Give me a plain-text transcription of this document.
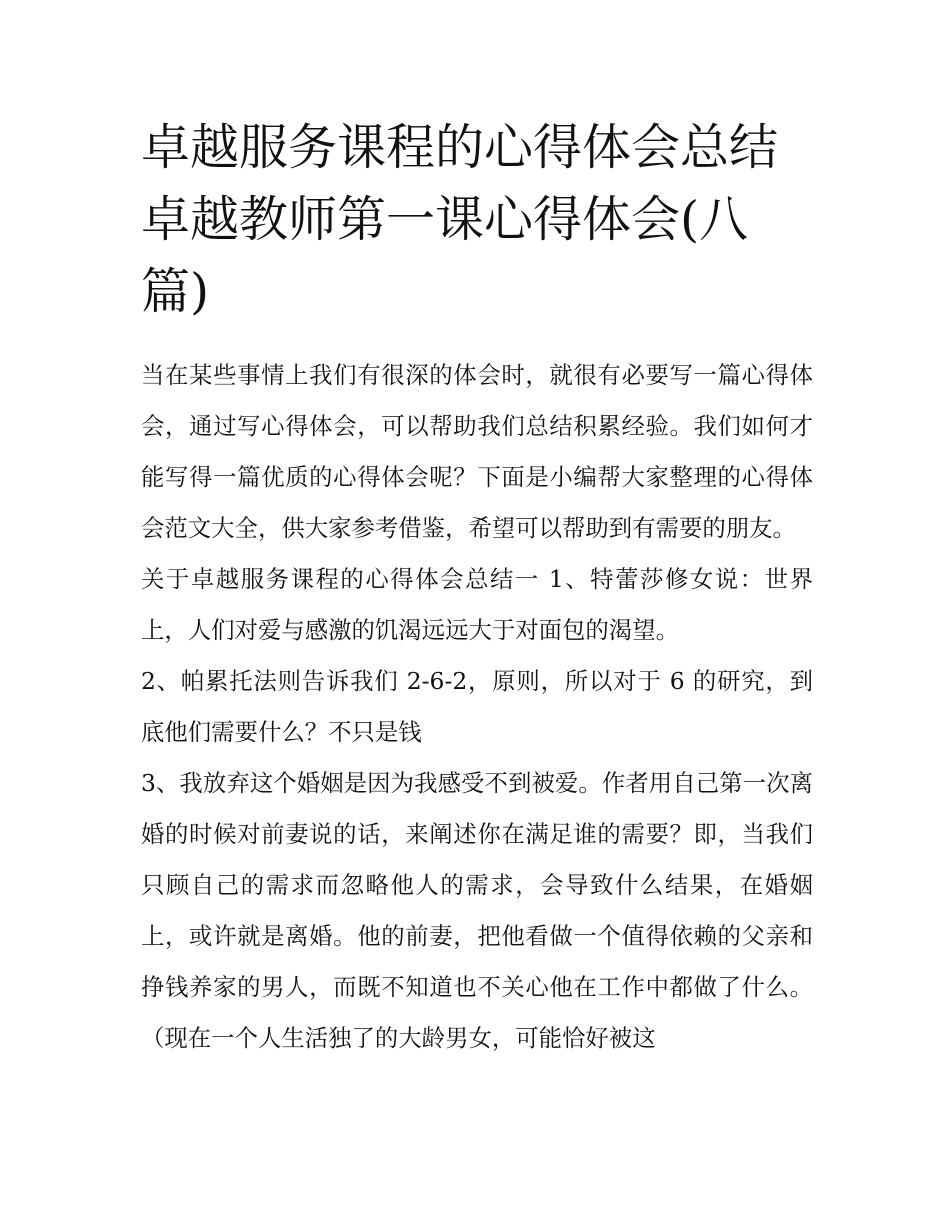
卓越服务课程的心得体会总结卓越教师第一课心得体会(八篇)

当在某些事情上我们有很深的体会时，就很有必要写一篇心得体会，通过写心得体会，可以帮助我们总结积累经验。我们如何才能写得一篇优质的心得体会呢？下面是小编帮大家整理的心得体会范文大全，供大家参考借鉴，希望可以帮助到有需要的朋友。

关于卓越服务课程的心得体会总结一 1、特蕾莎修女说：世界上，人们对爱与感激的饥渴远远大于对面包的渴望。

2、帕累托法则告诉我们 2-6-2，原则，所以对于 6 的研究，到底他们需要什么？不只是钱

3、我放弃这个婚姻是因为我感受不到被爱。作者用自己第一次离婚的时候对前妻说的话，来阐述你在满足谁的需要？即，当我们只顾自己的需求而忽略他人的需求，会导致什么结果，在婚姻上，或许就是离婚。他的前妻，把他看做一个值得依赖的父亲和挣钱养家的男人，而既不知道也不关心他在工作中都做了什么。（现在一个人生活独了的大龄男女，可能恰好被这
